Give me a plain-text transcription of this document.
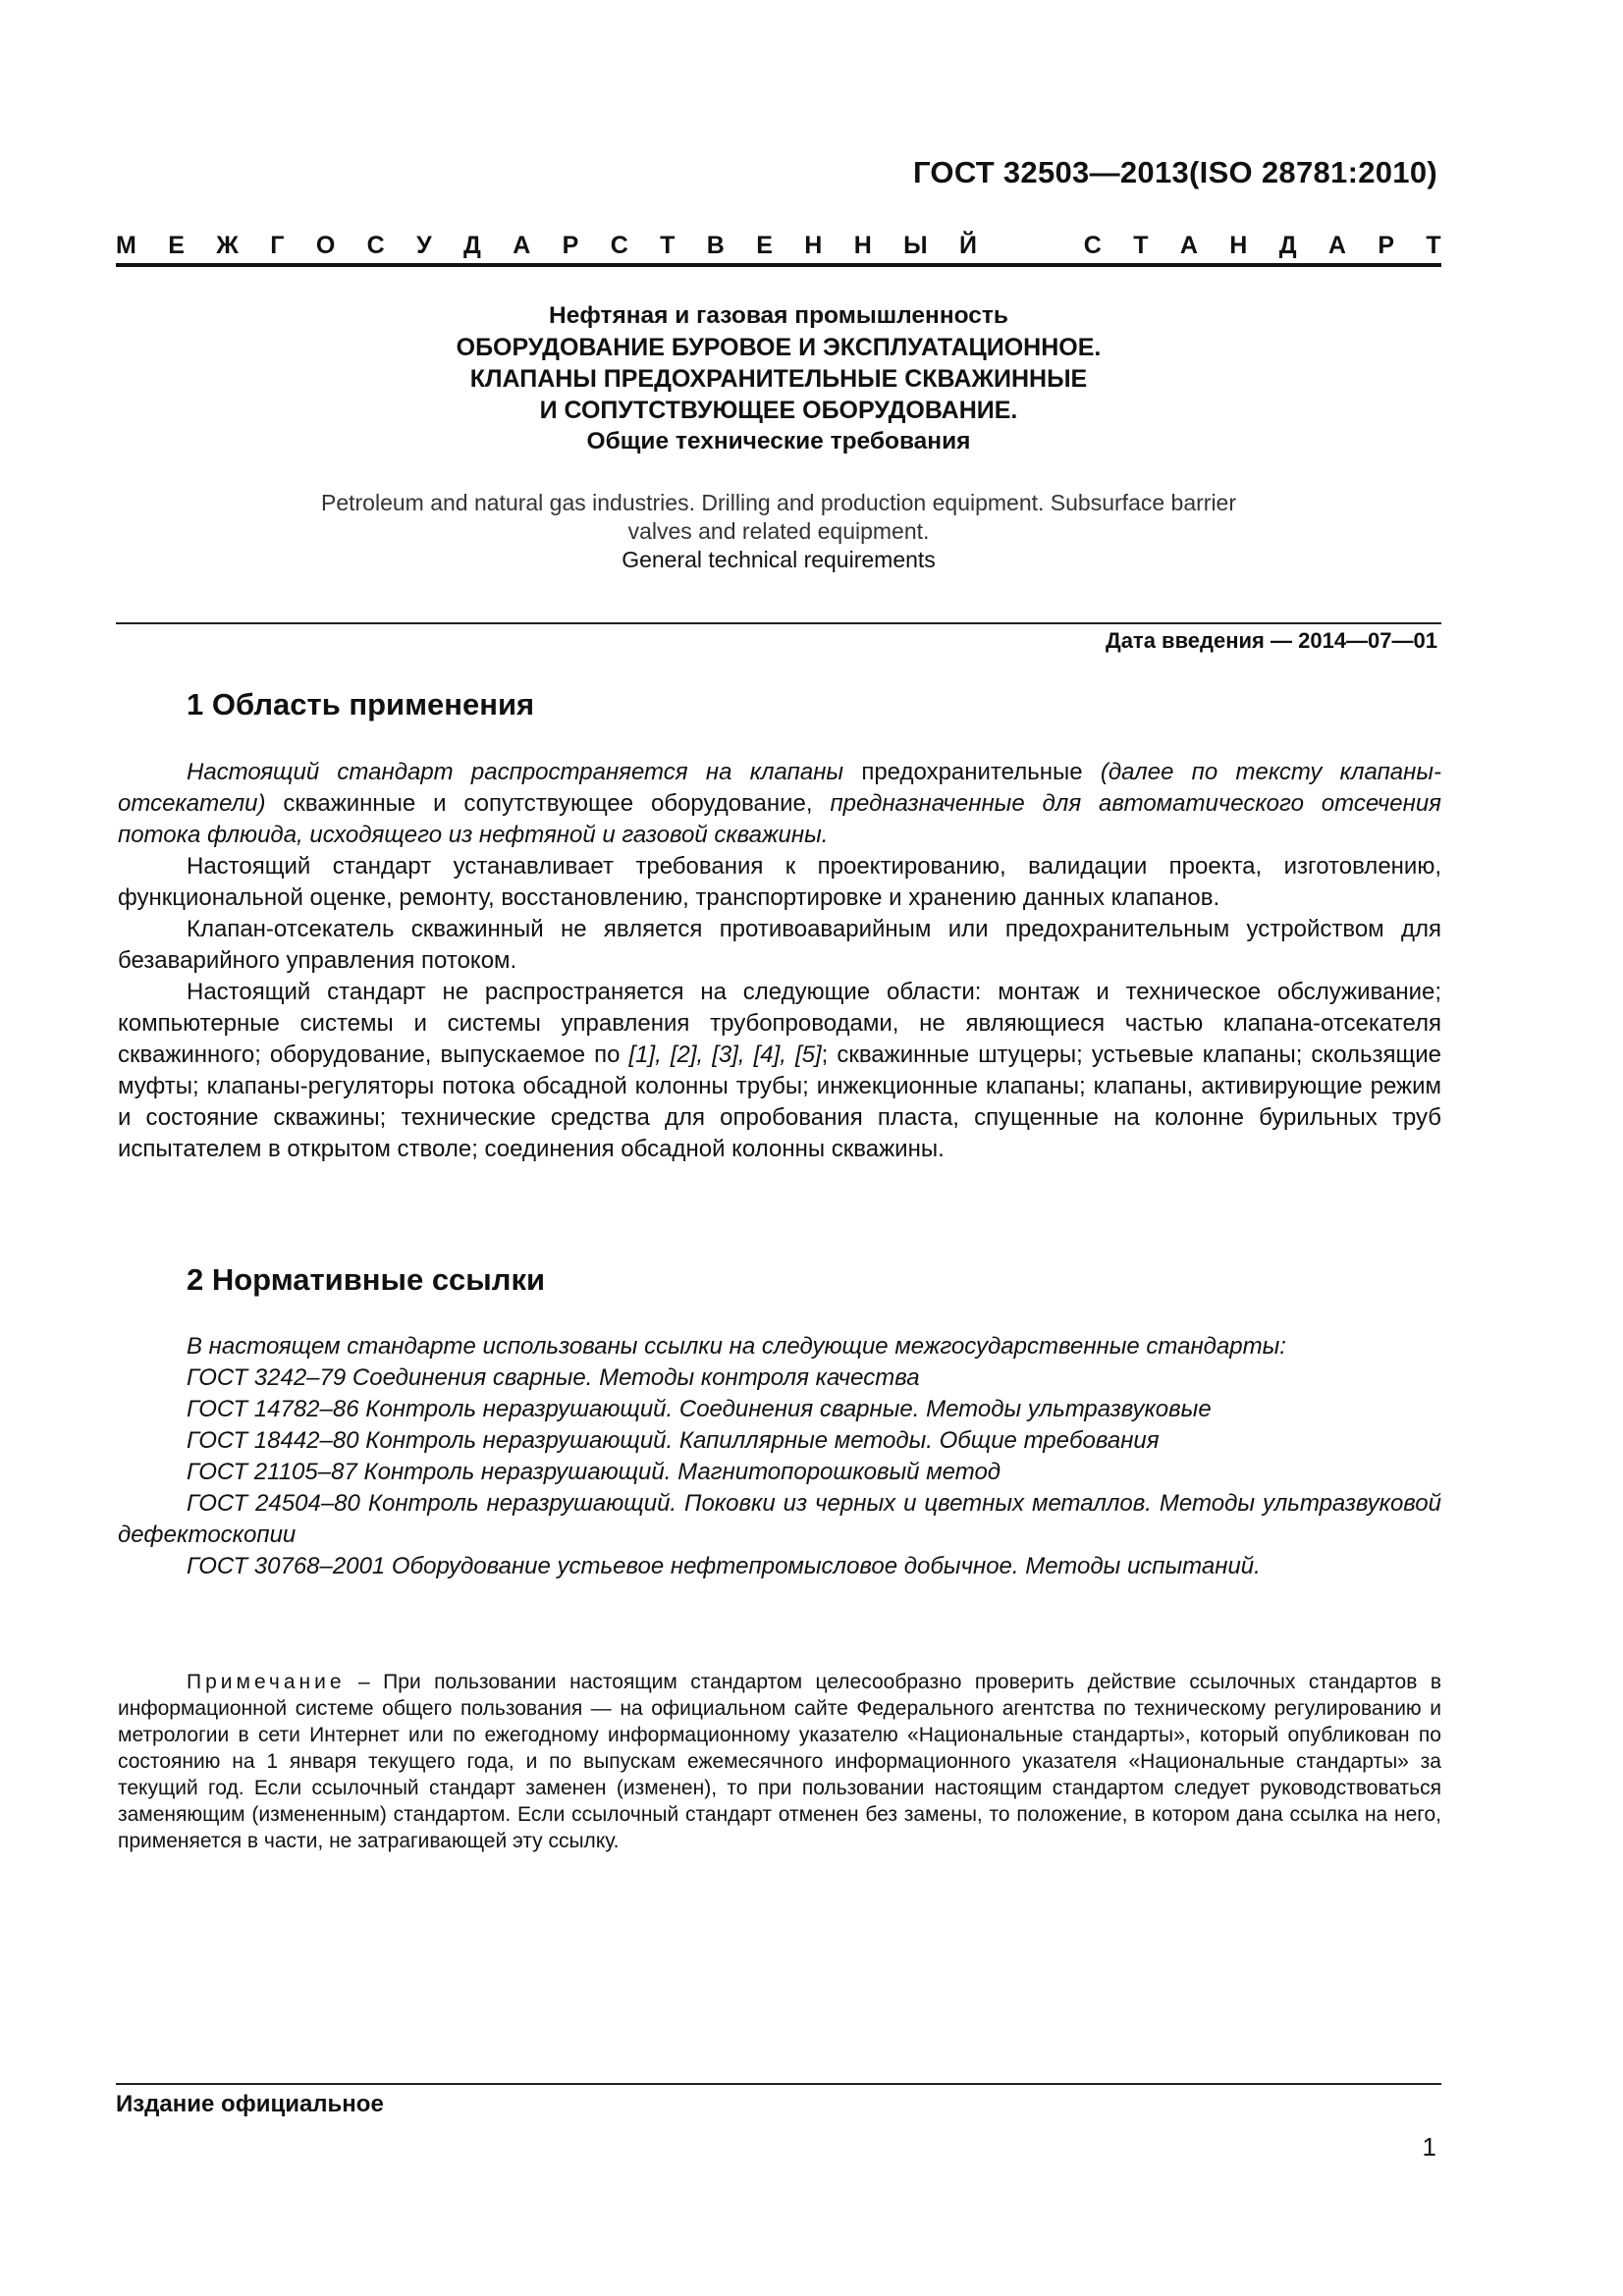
ГОСТ 32503—2013(ISO 28781:2010)
М Е Ж Г О С У Д А Р С Т В Е Н Н Ы Й	С Т А Н Д А Р Т
Нефтяная и газовая промышленность
ОБОРУДОВАНИЕ БУРОВОЕ И ЭКСПЛУАТАЦИОННОЕ.
КЛАПАНЫ ПРЕДОХРАНИТЕЛЬНЫЕ СКВАЖИННЫЕ
И СОПУТСТВУЮЩЕЕ ОБОРУДОВАНИЕ.
Общие технические требования
Petroleum and natural gas industries. Drilling and production equipment. Subsurface barrier
valves and related equipment.
General technical requirements
Дата введения — 2014—07—01
1 Область применения

Настоящий стандарт распространяется на клапаны предохранительные (далее по тексту клапаны-отсекатели) скважинные и сопутствующее оборудование, предназначенные для автоматического отсечения потока флюида, исходящего из нефтяной и газовой скважины.

Настоящий стандарт устанавливает требования к проектированию, валидации проекта, изготовлению, функциональной оценке, ремонту, восстановлению, транспортировке и хранению данных клапанов.

Клапан-отсекатель скважинный не является противоаварийным или предохранительным устройством для безаварийного управления потоком.

Настоящий стандарт не распространяется на следующие области: монтаж и техническое обслуживание; компьютерные системы и системы управления трубопроводами, не являющиеся частью клапана-отсекателя скважинного; оборудование, выпускаемое по [1], [2], [3], [4], [5]; скважинные штуцеры; устьевые клапаны; скользящие муфты; клапаны-регуляторы потока обсадной колонны трубы; инжекционные клапаны; клапаны, активирующие режим и состояние скважины; технические средства для опробования пласта, спущенные на колонне бурильных труб испытателем в открытом стволе; соединения обсадной колонны скважины.

2 Нормативные ссылки

В настоящем стандарте использованы ссылки на следующие межгосударственные стандарты:

ГОСТ 3242–79 Соединения сварные. Методы контроля качества

ГОСТ 14782–86 Контроль неразрушающий. Соединения сварные. Методы ультразвуковые

ГОСТ 18442–80 Контроль неразрушающий. Капиллярные методы. Общие требования

ГОСТ 21105–87 Контроль неразрушающий. Магнитопорошковый метод

ГОСТ 24504–80 Контроль неразрушающий. Поковки из черных и цветных металлов. Методы ультразвуковой дефектоскопии

ГОСТ 30768–2001 Оборудование устьевое нефтепромысловое добычное. Методы испытаний.

Примечание – При пользовании настоящим стандартом целесообразно проверить действие ссылочных стандартов в информационной системе общего пользования — на официальном сайте Федерального агентства по техническому регулированию и метрологии в сети Интернет или по ежегодному информационному указателю «Национальные стандарты», который опубликован по состоянию на 1 января текущего года, и по выпускам ежемесячного информационного указателя «Национальные стандарты» за текущий год. Если ссылочный стандарт заменен (изменен), то при пользовании настоящим стандартом следует руководствоваться заменяющим (измененным) стандартом. Если ссылочный стандарт отменен без замены, то положение, в котором дана ссылка на него, применяется в части, не затрагивающей эту ссылку.

Издание официальное
1
